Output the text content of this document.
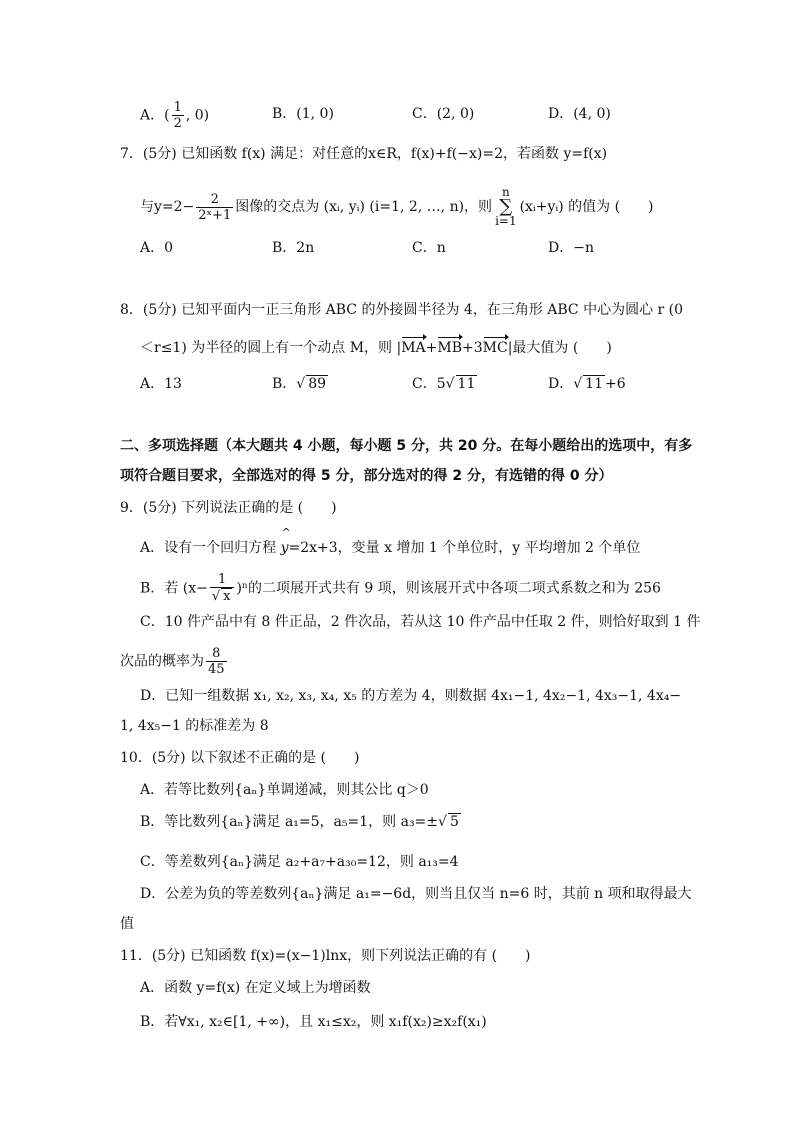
A．( $\frac{1}{2}$ , 0)	B．(1, 0)	C．(2, 0)	D．(4, 0)
7．(5分) 已知函数 f(x) 满足：对任意的x∈R，f(x)+f(−x)=2，若函数 y=f(x)
与$y=2- \frac{2}{\text{2ˣ+1}}$ 图像的交点为 (xᵢ, yᵢ) (i=1, 2, …, n)，则n
∑
i=1(xᵢ+yᵢ) 的值为 (　　)
A．0	B．2n	C．n	D．−n
8．(5分) 已知平面内一正三角形 ABC 的外接圆半径为 4，在三角形 ABC 中心为圆心 r (0
＜r≤1) 为半径的圆上有一个动点 M，则 |MA+MB+3MC|最大值为 (　　)
A．13	B．√ 89	C．5√ 11	D．√ 11 +6
二、多项选择题（本大题共 4 小题，每小题 5 分，共 20 分。在每小题给出的选项中，有多
项符合题目要求，全部选对的得 5 分，部分选对的得 2 分，有选错的得 0 分）
9．(5分) 下列说法正确的是 (　　)
A．设有一个回归方程 ^ y=2x+3，变量 x 增加 1 个单位时，y 平均增加 2 个单位
B．若 $(x- \frac{1}{√ x} )^n$的二项展开式共有 9 项，则该展开式中各项二项式系数之和为 256
C．10 件产品中有 8 件正品，2 件次品，若从这 10 件产品中任取 2 件，则恰好取到 1 件
次品的概率为 $\frac{8}{45}$
D．已知一组数据 x₁, x₂, x₃, x₄, x₅ 的方差为 4，则数据 4x₁−1, 4x₂−1, 4x₃−1, 4x₄−
1, 4x₅−1 的标准差为 8
10．(5分) 以下叙述不正确的是 (　　)
A．若等比数列{aₙ}单调递减，则其公比 q＞0
B．等比数列{aₙ}满足 a₁=5，a₅=1，则 a₃=±√ 5
C．等差数列{aₙ}满足 a₂+a₇+a₃₀=12，则 a₁₃=4
D．公差为负的等差数列{aₙ}满足 a₁=−6d，则当且仅当 n=6 时，其前 n 项和取得最大
值
11．(5分) 已知函数 f(x)=(x−1)lnx，则下列说法正确的有 (　　)
A．函数 y=f(x) 在定义域上为增函数
B．若∀x₁, x₂∈[1, +∞)，且 x₁≤x₂，则 x₁f(x₂)≥x₂f(x₁)
